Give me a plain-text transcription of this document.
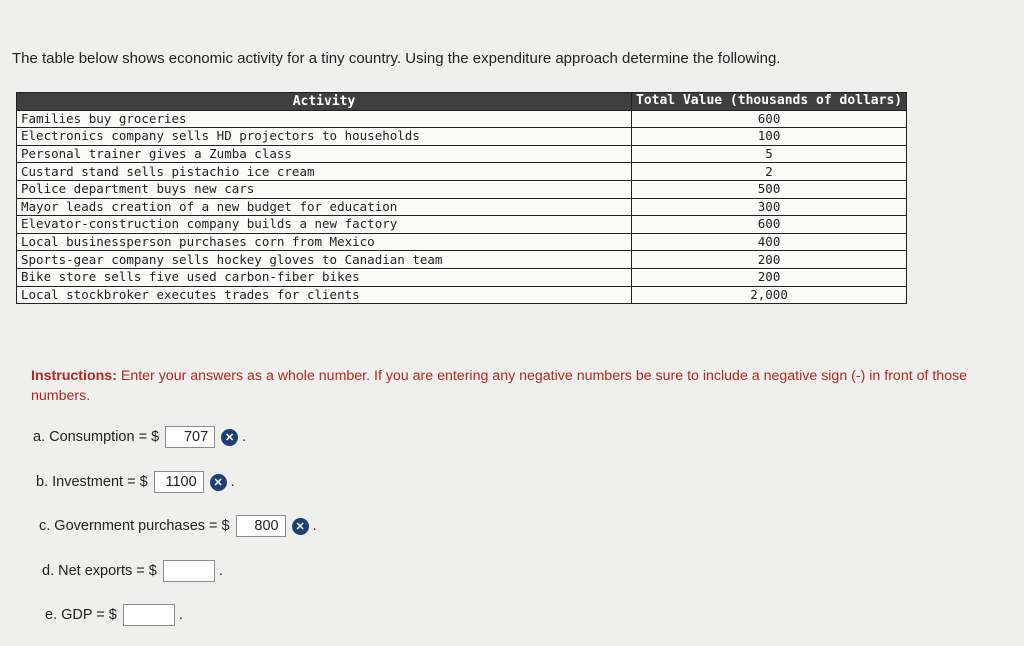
The table below shows economic activity for a tiny country. Using the expenditure approach determine the following.
Activity	Total Value (thousands of dollars)
Families buy groceries	600
Electronics company sells HD projectors to households	100
Personal trainer gives a Zumba class	5
Custard stand sells pistachio ice cream	2
Police department buys new cars	500
Mayor leads creation of a new budget for education	300
Elevator-construction company builds a new factory	600
Local businessperson purchases corn from Mexico	400
Sports-gear company sells hockey gloves to Canadian team	200
Bike store sells five used carbon-fiber bikes	200
Local stockbroker executes trades for clients	2,000
Instructions: Enter your answers as a whole number. If you are entering any negative numbers be sure to include a negative sign (-) in front of those numbers.
a. Consumption = $	707	✕ .
b. Investment = $	1100	✕ .
c. Government purchases = $	800	✕ .
d. Net exports = $	.
e. GDP = $	.
